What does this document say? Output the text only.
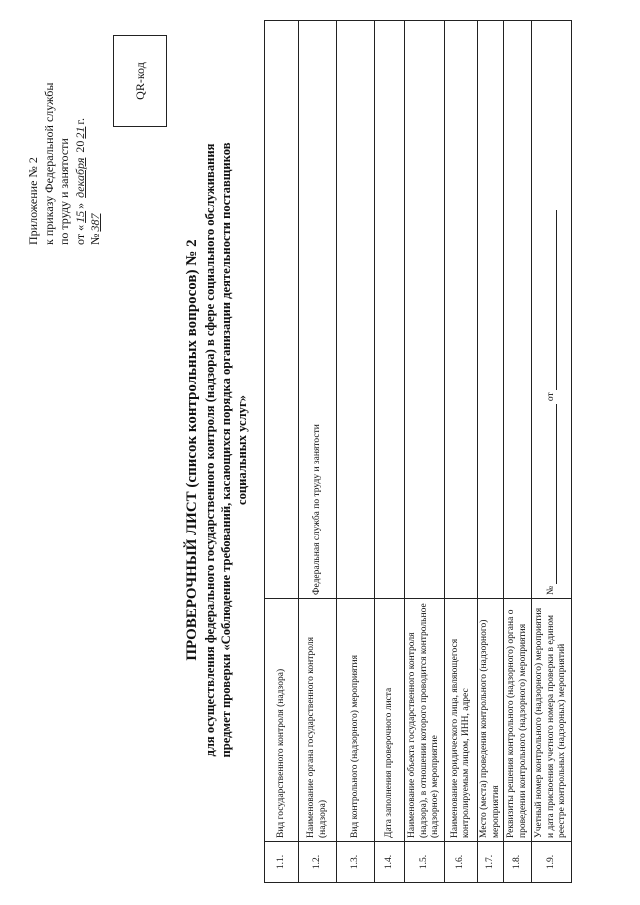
Приложение № 2 к приказу Федеральной службы по труду и занятости от «15» декабря 2021г.
№387
QR-код
ПРОВЕРОЧНЫЙ ЛИСТ (список контрольных вопросов) № 2 для осуществления федерального государственного контроля (надзора) в сфере социального обслуживания предмет проверки «Соблюдение требований, касающихся порядка организации деятельности поставщиков социальных услуг»
1.1.	Вид государственного контроля (надзора)	
1.2.	Наименование органа государственного контроля (надзора)	Федеральная служба по труду и занятости
1.3.	Вид контрольного (надзорного) мероприятия	
1.4.	Дата заполнения проверочного листа	
1.5.	Наименование объекта государственного контроля (надзора), в отношении которого проводится контрольное (надзорное) мероприятие	
1.6.	Наименование юридического лица, являющегося контролируемым лицом, ИНН, адрес	
1.7.	Место (места) проведения контрольного (надзорного) мероприятия	
1.8.	Реквизиты решения контрольного (надзорного) органа о проведении контрольного (надзорного) мероприятия	
1.9.	Учетный номер контрольного (надзорного) мероприятия и дата присвоения учетного номера проверки в едином реестре контрольных (надзорных) мероприятий	№  от
